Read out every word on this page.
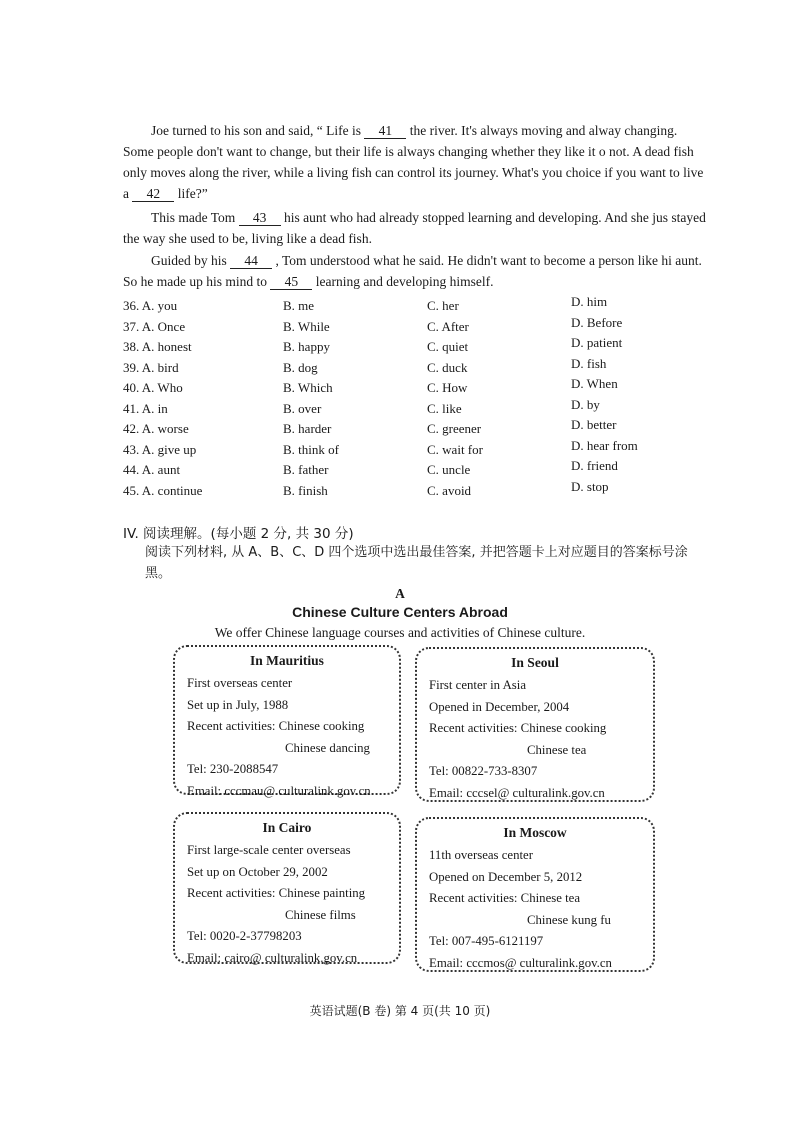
Joe turned to his son and said, “ Life is 41 the river. It's always moving and alway changing. Some people don't want to change, but their life is always changing whether they like it o not. A dead fish only moves along the river, while a living fish can control its journey. What's you choice if you want to live a 42 life?”

This made Tom 43 his aunt who had already stopped learning and developing. And she jus stayed the way she used to be, living like a dead fish.

Guided by his 44 , Tom understood what he said. He didn't want to become a person like hi aunt. So he made up his mind to 45 learning and developing himself.

36. A. you	B. me	C. her	D. him
37. A. Once	B. While	C. After	D. Before
38. A. honest	B. happy	C. quiet	D. patient
39. A. bird	B. dog	C. duck	D. fish
40. A. Who	B. Which	C. How	D. When
41. A. in	B. over	C. like	D. by
42. A. worse	B. harder	C. greener	D. better
43. A. give up	B. think of	C. wait for	D. hear from
44. A. aunt	B. father	C. uncle	D. friend
45. A. continue	B. finish	C. avoid	D. stop
IV. 阅读理解。(每小题 2 分, 共 30 分)
阅读下列材料, 从 A、B、C、D 四个选项中选出最佳答案, 并把答题卡上对应题目的答案标号涂黑。
A
Chinese Culture Centers Abroad
We offer Chinese language courses and activities of Chinese culture.
In Mauritius
First overseas center
Set up in July, 1988
Recent activities: Chinese cooking
Chinese dancing
Tel: 230-2088547
Email: cccmau@ culturalink.gov.cn
In Seoul
First center in Asia
Opened in December, 2004
Recent activities: Chinese cooking
Chinese tea
Tel: 00822-733-8307
Email: cccsel@ culturalink.gov.cn
In Cairo
First large-scale center overseas
Set up on October 29, 2002
Recent activities: Chinese painting
Chinese films
Tel: 0020-2-37798203
Email: cairo@ culturalink.gov.cn
In Moscow
11th overseas center
Opened on December 5, 2012
Recent activities: Chinese tea
Chinese kung fu
Tel: 007-495-6121197
Email: cccmos@ culturalink.gov.cn
英语试题(B 卷) 第 4 页(共 10 页)
